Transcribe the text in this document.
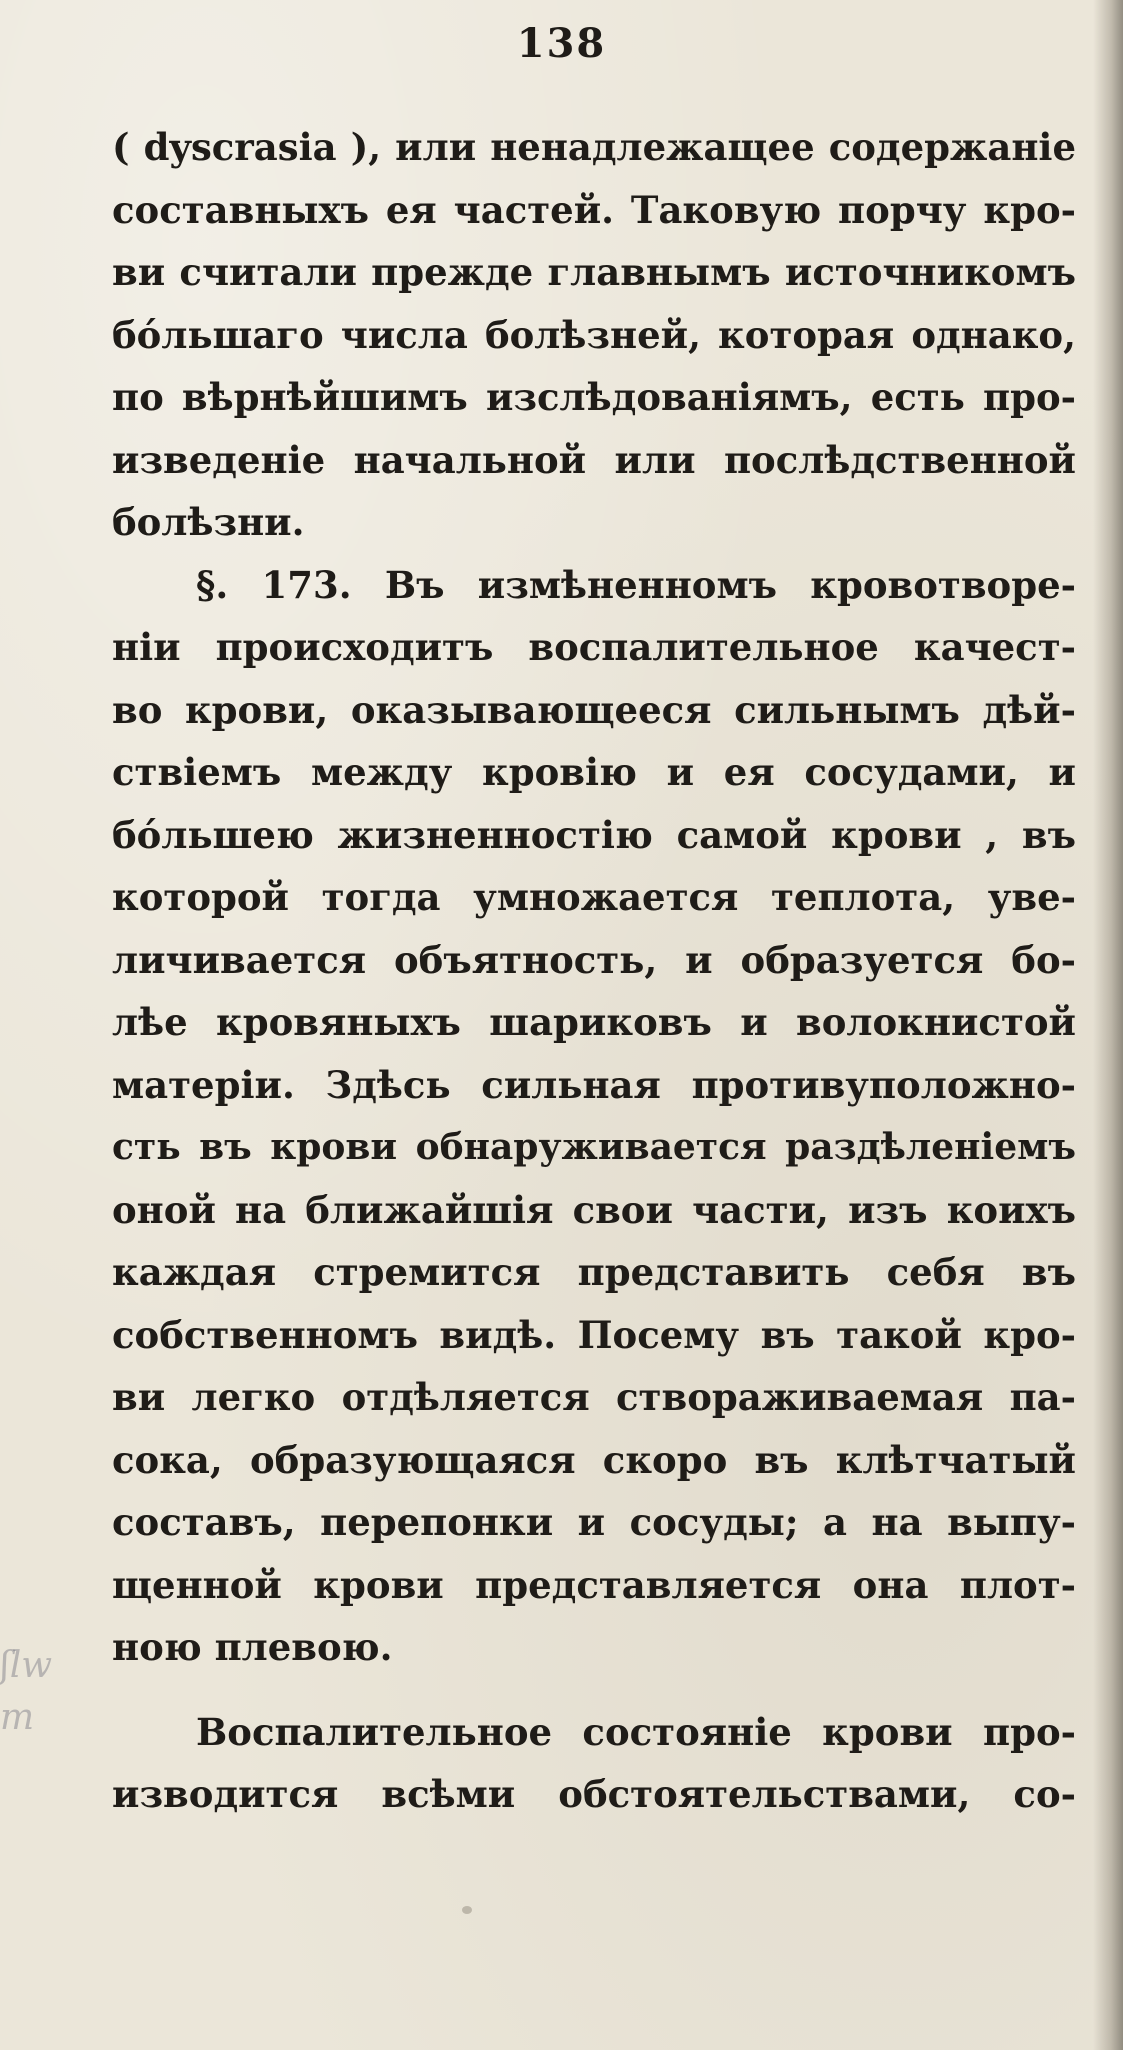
138
ʃlw
m
( dyscrasia ), или ненадлежащее содержаніе
составныхъ ея частей. Таковую порчу кро-
ви считали прежде главнымъ источникомъ
бо́льшаго числа болѣзней, которая однако,
по вѣрнѣйшимъ изслѣдованіямъ, есть про-
изведеніе начальной или послѣдственной
болѣзни.
§. 173. Въ измѣненномъ кровотворе-
ніи происходитъ воспалительное качест-
во крови, оказывающееся сильнымъ дѣй-
ствіемъ между кровію и ея сосудами, и
бо́льшею жизненностію самой крови , въ
которой тогда умножается теплота, уве-
личивается объятность, и образуется бо-
лѣе кровяныхъ шариковъ и волокнистой
матеріи. Здѣсь сильная противуположно-
сть въ крови обнаруживается раздѣленіемъ
оной на ближайшія свои части, изъ коихъ
каждая стремится представить себя въ
собственномъ видѣ. Посему въ такой кро-
ви легко отдѣляется створаживаемая па-
сока, образующаяся скоро въ клѣтчатый
составъ, перепонки и сосуды; а на выпу-
щенной крови представляется она плот-
ною плевою.
Воспалительное состояніе крови про-
изводится всѣми обстоятельствами, со-
